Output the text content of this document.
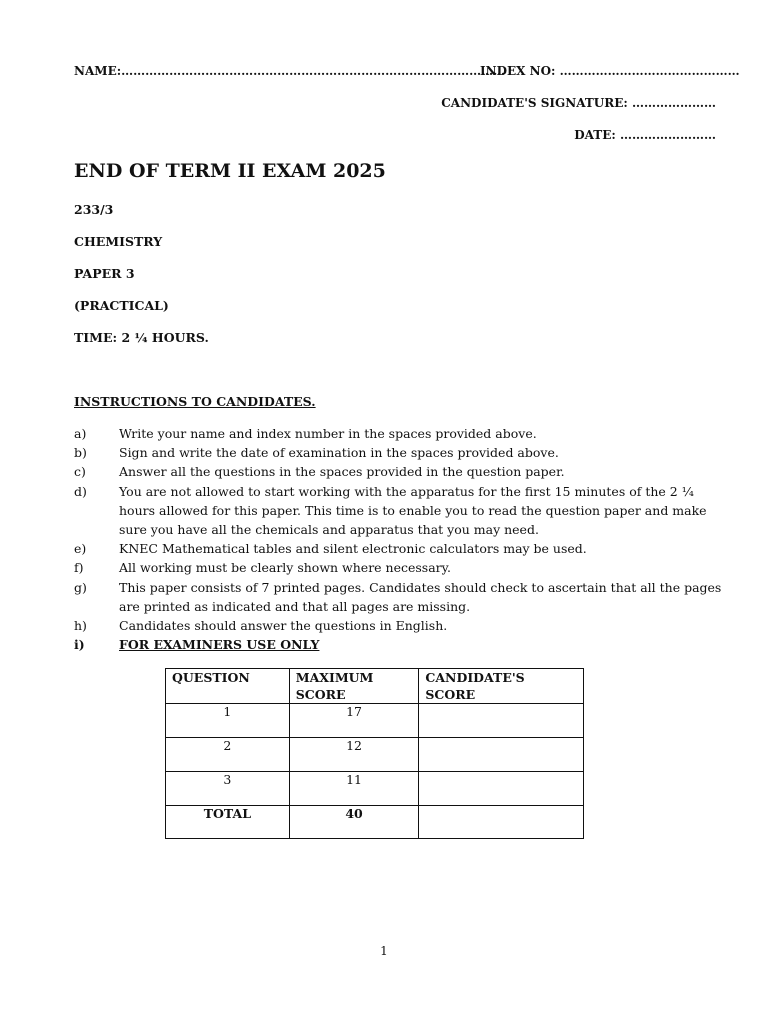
NAME:……………………………………………………………………………………
INDEX NO: ………………………………………
CANDIDATE'S SIGNATURE: …………………
DATE: ……………………
END OF TERM II EXAM 2025
233/3
CHEMISTRY
PAPER 3
(PRACTICAL)
TIME: 2 ¼ HOURS.
INSTRUCTIONS TO CANDIDATES.
a)	Write your name and index number in the spaces provided above.
b)	Sign and write the date of examination in the spaces provided above.
c)	Answer all the questions in the spaces provided in the question paper.
d)	You are not allowed to start working with the apparatus for the first 15 minutes of the 2 ¼ hours allowed for this paper. This time is to enable you to read the question paper and make sure you have all the chemicals and apparatus that you may need.
e)	KNEC Mathematical tables and silent electronic calculators may be used.
f)	All working must be clearly shown where necessary.
g)	This paper consists of 7 printed pages. Candidates should check to ascertain that all the pages are printed as indicated and that all pages are missing.
h)	Candidates should answer the questions in English.
i)	FOR EXAMINERS USE ONLY
QUESTION	MAXIMUM SCORE	CANDIDATE'S SCORE
1	17	
2	12	
3	11	
TOTAL	40	
1
